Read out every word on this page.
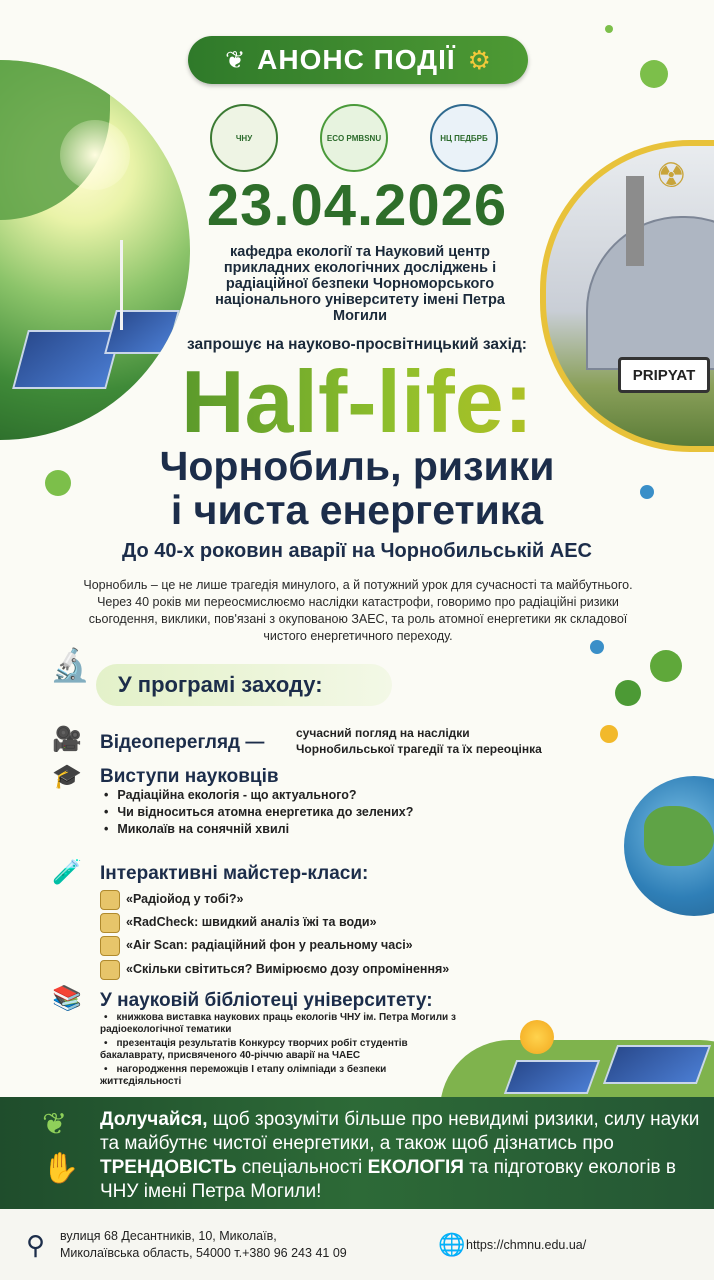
☢
❦ АНОНС ПОДІЇ ⚙
ЧНУ	ECO PMBSNU	НЦ ПЕДБРБ
23.04.2026
кафедра екології та Науковий центр прикладних екологічних досліджень і радіаційної безпеки Чорноморського національного університету імені Петра Могили
запрошує на науково-просвітницький захід:
Half-life:
Чорнобиль, ризики
і чиста енергетика
До 40-х роковин аварії на Чорнобильській АЕС
Чорнобиль – це не лише трагедія минулого, а й потужний урок для сучасності та майбутнього. Через 40 років ми переосмислюємо наслідки катастрофи, говоримо про радіаційні ризики сьогодення, виклики, пов'язані з окупованою ЗАЕС, та роль атомної енергетики як складової чистого енергетичного переходу.
🔬
У програмі заходу:
🎥 Відеоперегляд —	сучасний погляд на наслідки
Чорнобильської трагедії та їх переоцінка
🎓 Виступи науковців
• Радіаційна екологія - що актуального?
• Чи відноситься атомна енергетика до зелених?
• Миколаїв на сонячній хвилі
🧪 Інтерактивні майстер-класи:
«Радіойод у тобі?»
«RadCheck: швидкий аналіз їжі та води»
«Air Scan: радіаційний фон у реальному часі»
«Скільки світиться? Вимірюємо дозу опромінення»
📚 У науковій бібліотеці університету:
• книжкова виставка наукових праць екологів ЧНУ ім. Петра Могили з
радіоекологічної тематики
• презентація результатів Конкурсу творчих робіт студентів
бакалаврату, присвяченого 40-річчю аварії на ЧАЕС
• нагородження переможців І етапу олімпіади з безпеки
життєдіяльності
❦
✋
Долучайся, щоб зрозуміти більше про невидимі ризики, силу науки та майбутнє чистої енергетики, а також щоб дізнатись про ТРЕНДОВІСТЬ спеціальності ЕКОЛОГІЯ та підготовку екологів в ЧНУ імені Петра Могили!
⚲ вулиця 68 Десантників, 10, Миколаїв,
Миколаївська область, 54000 т.+380 96 243 41 09	🌐 https://chmnu.edu.ua/
